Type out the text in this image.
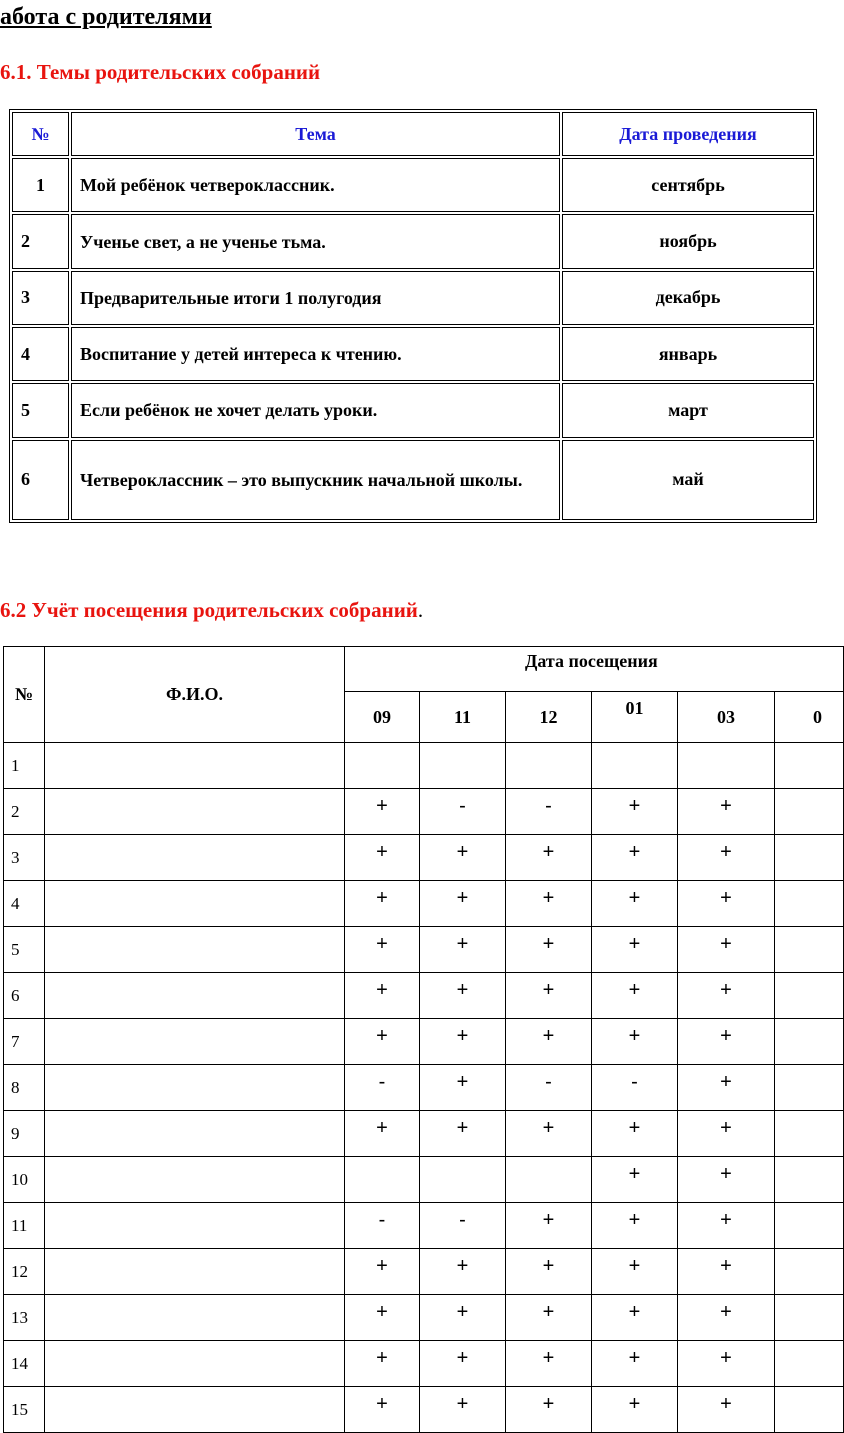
абота с родителями
6.1. Темы родительских собраний
№	Тема	Дата проведения
1	Мой ребёнок четвероклассник.	сентябрь
2	Ученье свет, а не ученье тьма.	ноябрь
3	Предварительные итоги 1 полугодия	декабрь
4	Воспитание у детей интереса к чтению.	январь
5	Если ребёнок не хочет делать уроки.	март
6	Четвероклассник – это выпускник начальной школы.	май
6.2 Учёт посещения родительских собраний.
№	Ф.И.О.	Дата посещения					
		09	11	12	01	03	0
1							
2		+	-	-	+	+	
3		+	+	+	+	+	
4		+	+	+	+	+	
5		+	+	+	+	+	
6		+	+	+	+	+	
7		+	+	+	+	+	
8		-	+	-	-	+	
9		+	+	+	+	+	
10					+	+	
11		-	-	+	+	+	
12		+	+	+	+	+	
13		+	+	+	+	+	
14		+	+	+	+	+	
15		+	+	+	+	+	
